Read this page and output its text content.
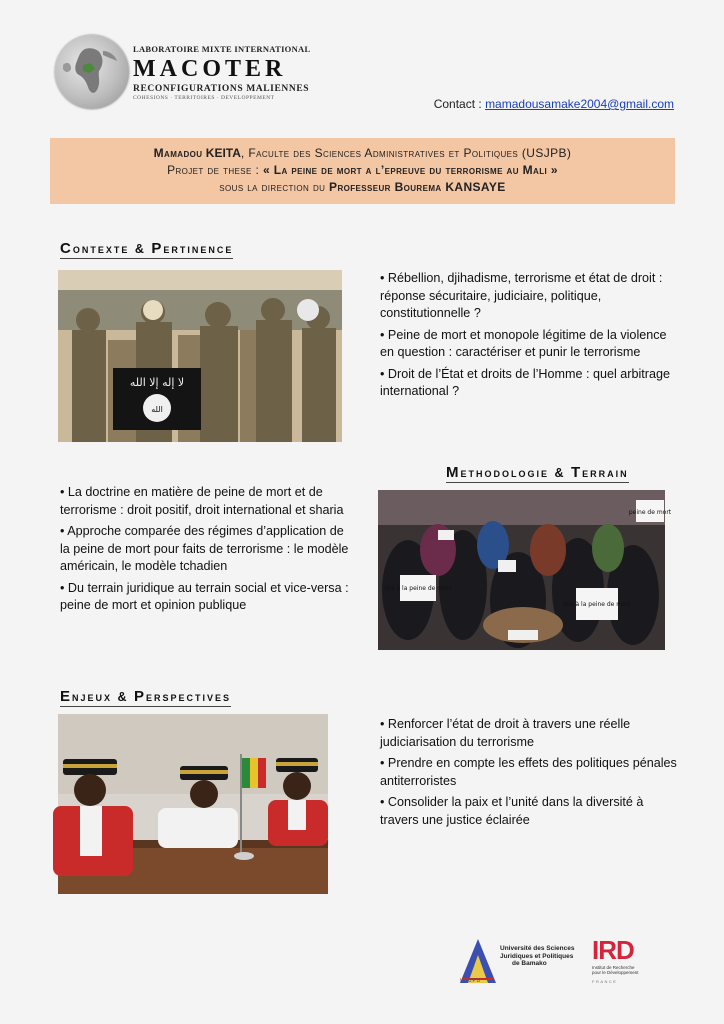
LABORATOIRE MIXTE INTERNATIONAL
MACOTER
RECONFIGURATIONS MALIENNES
COHESIONS · TERRITOIRES · DEVELOPPEMENT	Contact : mamadousamake2004@gmail.com
Mamadou KEITA, Faculte des Sciences Administratives et Politiques (USJPB)
Projet de these : « La peine de mort a l’epreuve du terrorisme au Mali »
sous la direction du Professeur Bourema KANSAYE
Contexte & Pertinence
لا إله إلا الله
الله

• Rébellion, djihadisme, terrorisme et état de droit : réponse sécuritaire, judiciaire, politique, constitutionnelle ?

• Peine de mort et monopole légitime de la violence en question : caractériser et punir le terrorisme

• Droit de l’État et droits de l’Homme : quel arbitrage international ?

Methodologie & Terrain

• La doctrine en matière de peine de mort et de terrorisme : droit positif, droit international et sharia

• Approche comparée des régimes d’application de la peine de mort pour faits de terrorisme : le modèle américain, le modèle tchadien

• Du terrain juridique au terrain social et vice-versa : peine de mort et opinion publique

peine de mort
Oui à la peine de mort
Oui à la peine de mort
Enjeux & Perspectives

• Renforcer l’état de droit à travers une réelle judiciarisation du terrorisme

• Prendre en compte les effets des politiques pénales antiterroristes

• Consolider la paix et l’unité dans la diversité à travers une justice éclairée

Université des Sciences
Juridiques et Politiques
de Bamako
USJPB
IRD
Institut de Recherche
pour le Développement
FRANCE
